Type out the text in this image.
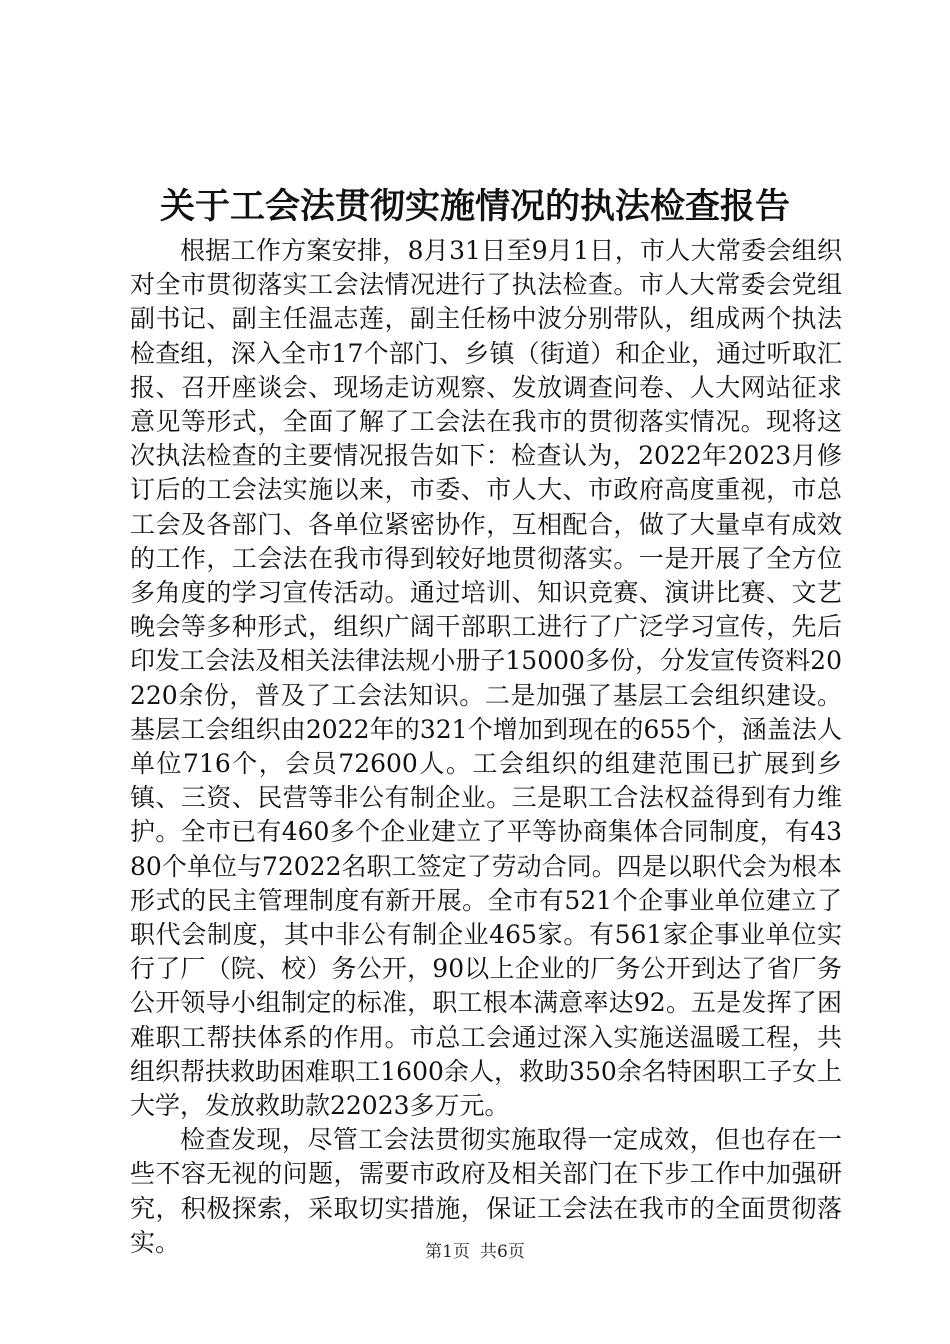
关于工会法贯彻实施情况的执法检查报告

根据工作方案安排，8月31日至9月1日，市人大常委会组织对全市贯彻落实工会法情况进行了执法检查。市人大常委会党组副书记、副主任温志莲，副主任杨中波分别带队，组成两个执法检查组，深入全市17个部门、乡镇（街道）和企业，通过听取汇报、召开座谈会、现场走访观察、发放调查问卷、人大网站征求意见等形式，全面了解了工会法在我市的贯彻落实情况。现将这次执法检查的主要情况报告如下：检查认为，2022年2023月修订后的工会法实施以来，市委、市人大、市政府高度重视，市总工会及各部门、各单位紧密协作，互相配合，做了大量卓有成效的工作，工会法在我市得到较好地贯彻落实。一是开展了全方位多角度的学习宣传活动。通过培训、知识竞赛、演讲比赛、文艺晚会等多种形式，组织广阔干部职工进行了广泛学习宣传，先后印发工会法及相关法律法规小册子15000多份，分发宣传资料20220余份，普及了工会法知识。二是加强了基层工会组织建设。基层工会组织由2022年的321个增加到现在的655个，涵盖法人单位716个，会员72600人。工会组织的组建范围已扩展到乡镇、三资、民营等非公有制企业。三是职工合法权益得到有力维护。全市已有460多个企业建立了平等协商集体合同制度，有4380个单位与72022名职工签定了劳动合同。四是以职代会为根本形式的民主管理制度有新开展。全市有521个企事业单位建立了职代会制度，其中非公有制企业465家。有561家企事业单位实行了厂（院、校）务公开，90以上企业的厂务公开到达了省厂务公开领导小组制定的标准，职工根本满意率达92。五是发挥了困难职工帮扶体系的作用。市总工会通过深入实施送温暖工程，共组织帮扶救助困难职工1600余人，救助350余名特困职工子女上大学，发放救助款22023多万元。

检查发现，尽管工会法贯彻实施取得一定成效，但也存在一些不容无视的问题，需要市政府及相关部门在下步工作中加强研究，积极探索，采取切实措施，保证工会法在我市的全面贯彻落实。	第1页 共6页
